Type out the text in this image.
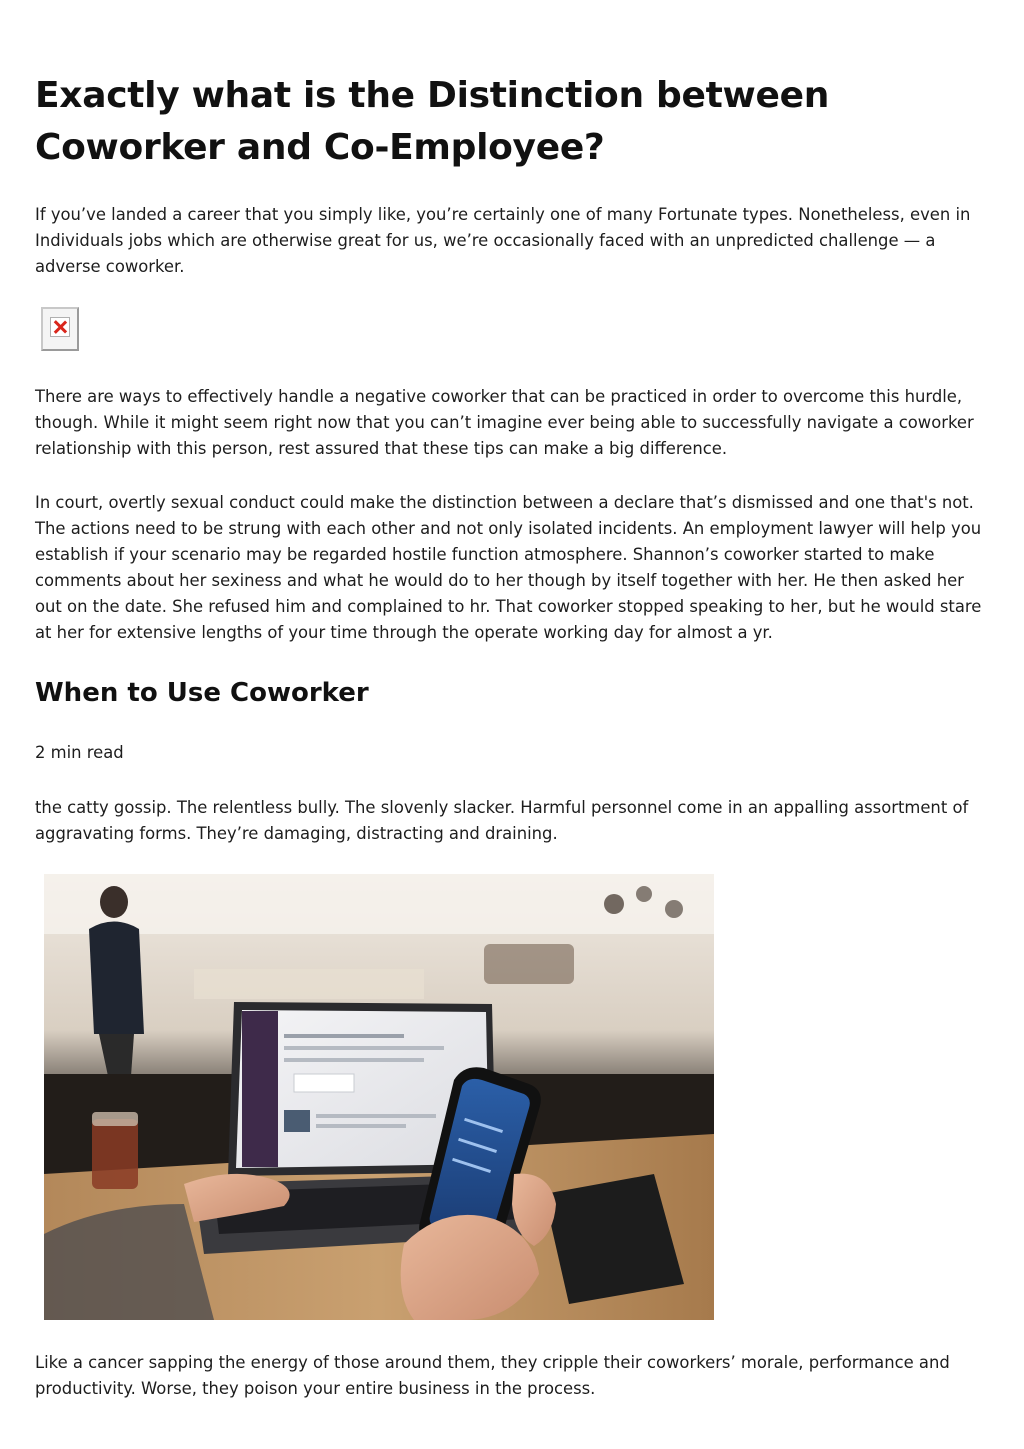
Exactly what is the Distinction between Coworker and Co-Employee?

If you’ve landed a career that you simply like, you’re certainly one of many Fortunate types. Nonetheless, even in Individuals jobs which are otherwise great for us, we’re occasionally faced with an unpredicted challenge — a adverse coworker.

There are ways to effectively handle a negative coworker that can be practiced in order to overcome this hurdle, though. While it might seem right now that you can’t imagine ever being able to successfully navigate a coworker relationship with this person, rest assured that these tips can make a big difference.

In court, overtly sexual conduct could make the distinction between a declare that’s dismissed and one that's not. The actions need to be strung with each other and not only isolated incidents. An employment lawyer will help you establish if your scenario may be regarded hostile function atmosphere. Shannon’s coworker started to make comments about her sexiness and what he would do to her though by itself together with her. He then asked her out on the date. She refused him and complained to hr. That coworker stopped speaking to her, but he would stare at her for extensive lengths of your time through the operate working day for almost a yr.

When to Use Coworker

2 min read

the catty gossip. The relentless bully. The slovenly slacker. Harmful personnel come in an appalling assortment of aggravating forms. They’re damaging, distracting and draining.

Like a cancer sapping the energy of those around them, they cripple their coworkers’ morale, performance and productivity. Worse, they poison your entire business in the process.
